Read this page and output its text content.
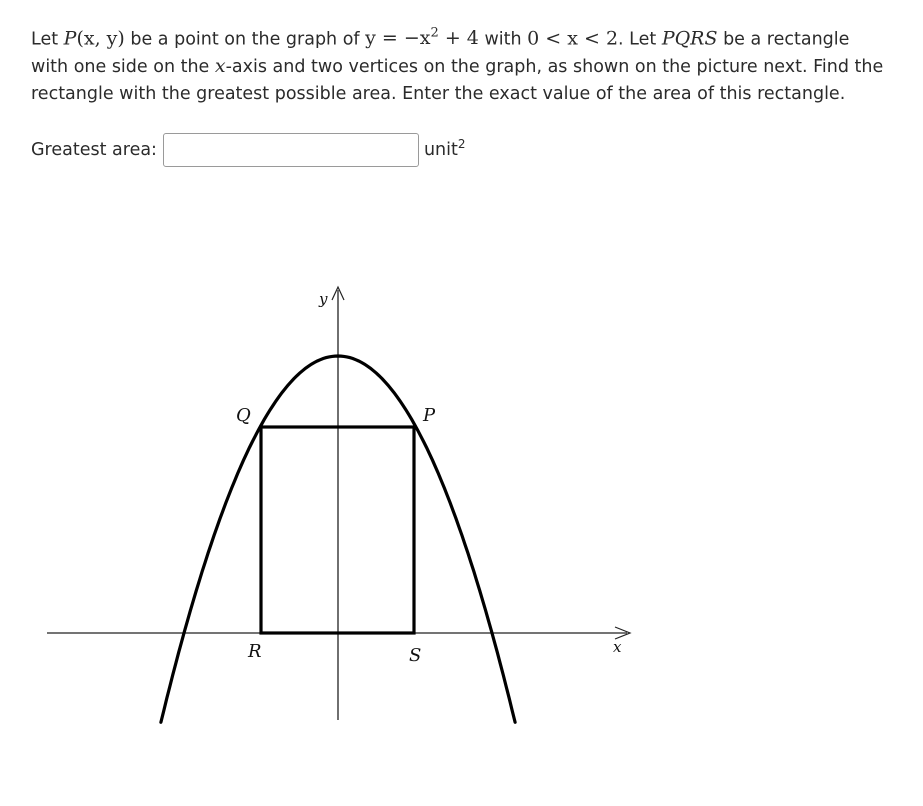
Let P(x, y) be a point on the graph of $y = -x^2 + 4$ with 0 < x < 2. Let PQRS be a rectangle with one side on the x-axis and two vertices on the graph, as shown on the picture next. Find the rectangle with the greatest possible area. Enter the exact value of the area of this rectangle.
Greatest area:	unit$^2$
y
x
P
Q
R	S
